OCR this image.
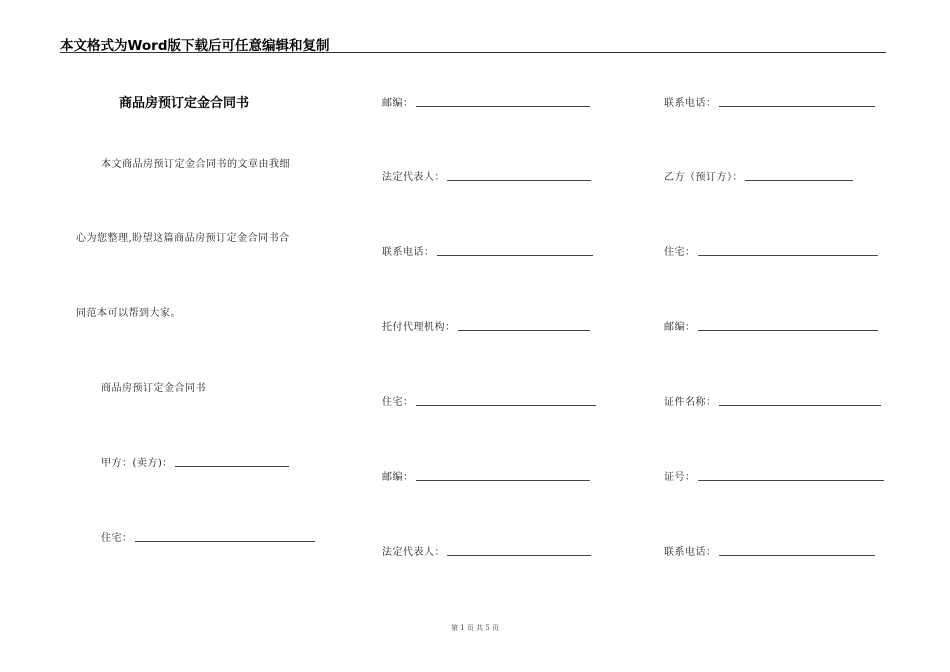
本文格式为Word版下载后可任意编辑和复制
商品房预订定金合同书
本文商品房预订定金合同书的文章由我细
心为您整理,盼望这篇商品房预订定金合同书合
同范本可以帮到大家。
商品房预订定金合同书
甲方：(卖方)：
住宅：
邮编：
法定代表人：
联系电话：
托付代理机构：
住宅：
邮编：
法定代表人：
联系电话：
乙方（预订方）：
住宅：
邮编：
证件名称：
证号：
联系电话：
第 1 页 共 5 页
